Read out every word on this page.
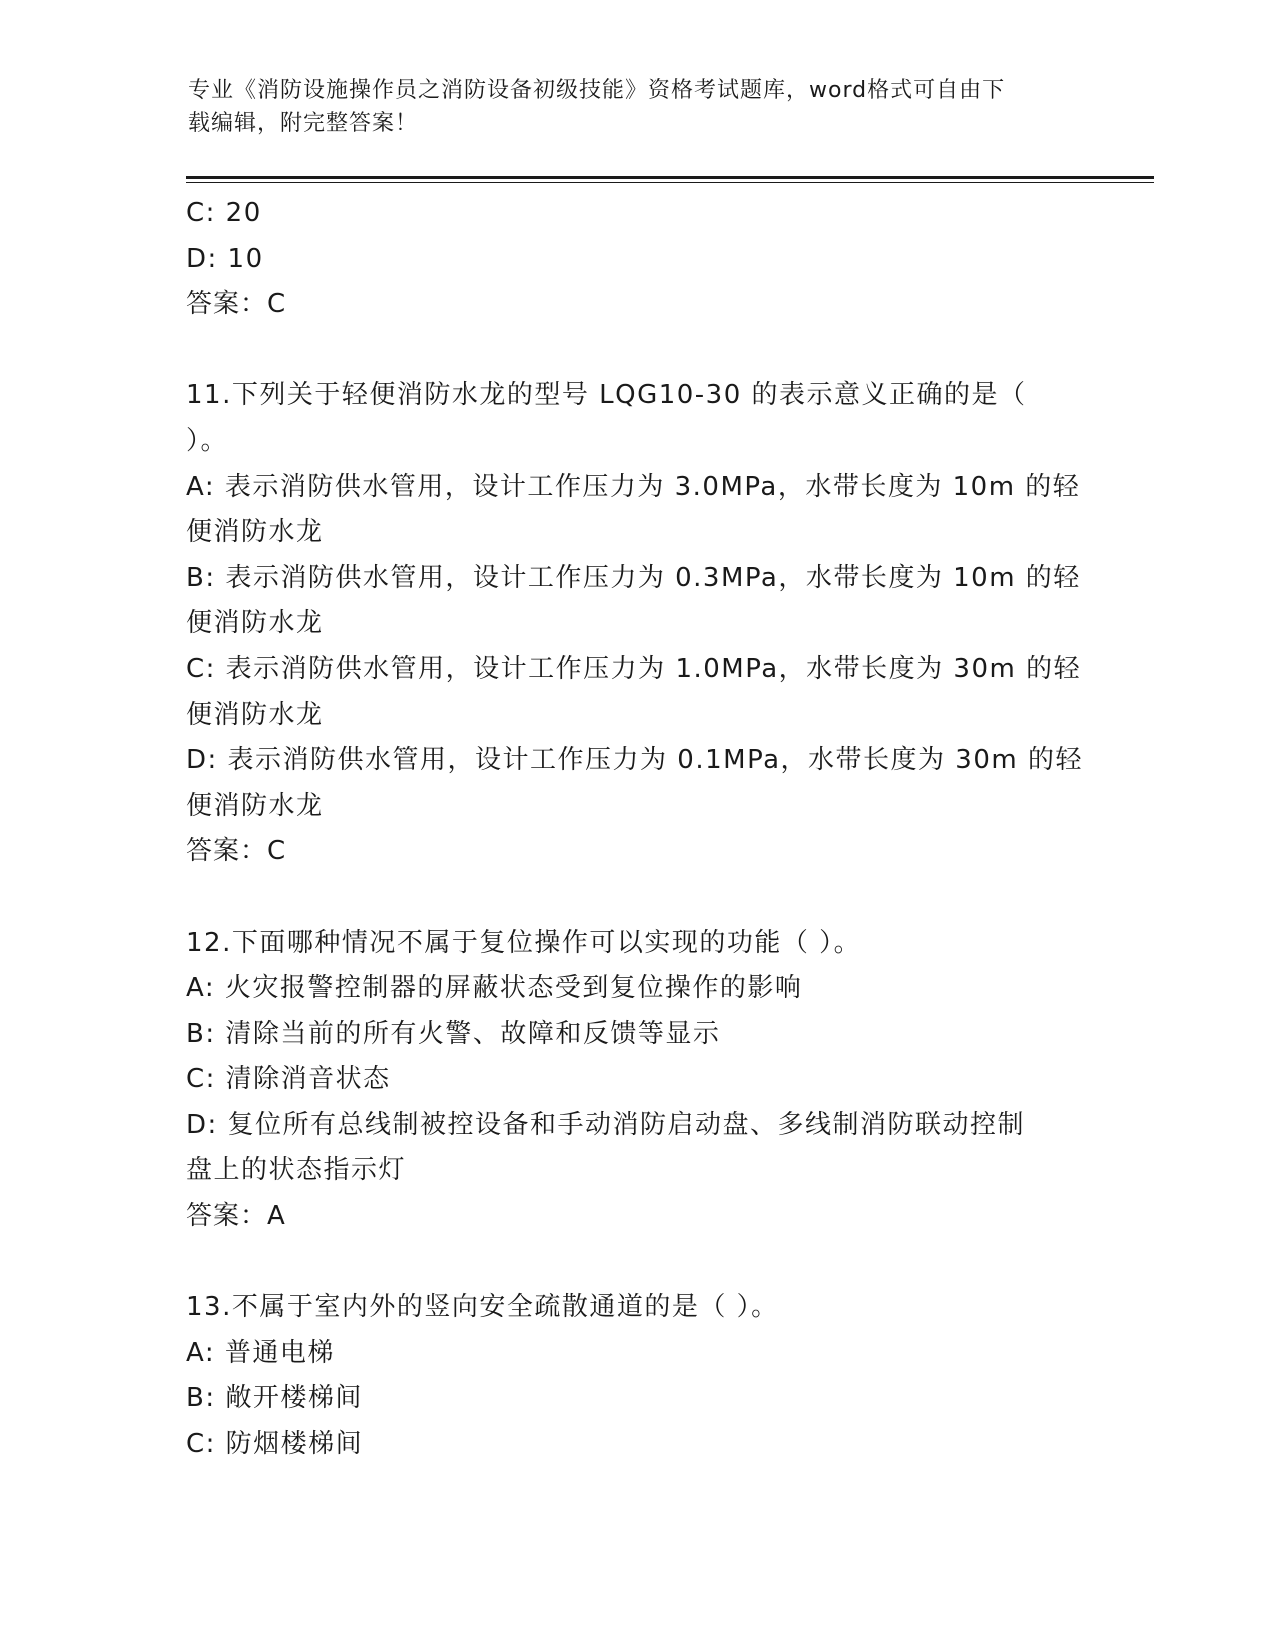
专业《消防设施操作员之消防设备初级技能》资格考试题库，word格式可自由下
载编辑，附完整答案！
C: 20
D: 10
答案：C
11.下列关于轻便消防水龙的型号 LQG10-30 的表示意义正确的是（
）。
A: 表示消防供水管用，设计工作压力为 3.0MPa，水带长度为 10m 的轻
便消防水龙
B: 表示消防供水管用，设计工作压力为 0.3MPa，水带长度为 10m 的轻
便消防水龙
C: 表示消防供水管用，设计工作压力为 1.0MPa，水带长度为 30m 的轻
便消防水龙
D: 表示消防供水管用，设计工作压力为 0.1MPa，水带长度为 30m 的轻
便消防水龙
答案：C
12.下面哪种情况不属于复位操作可以实现的功能（ ）。
A: 火灾报警控制器的屏蔽状态受到复位操作的影响
B: 清除当前的所有火警、故障和反馈等显示
C: 清除消音状态
D: 复位所有总线制被控设备和手动消防启动盘、多线制消防联动控制
盘上的状态指示灯
答案：A
13.不属于室内外的竖向安全疏散通道的是（ ）。
A: 普通电梯
B: 敞开楼梯间
C: 防烟楼梯间
